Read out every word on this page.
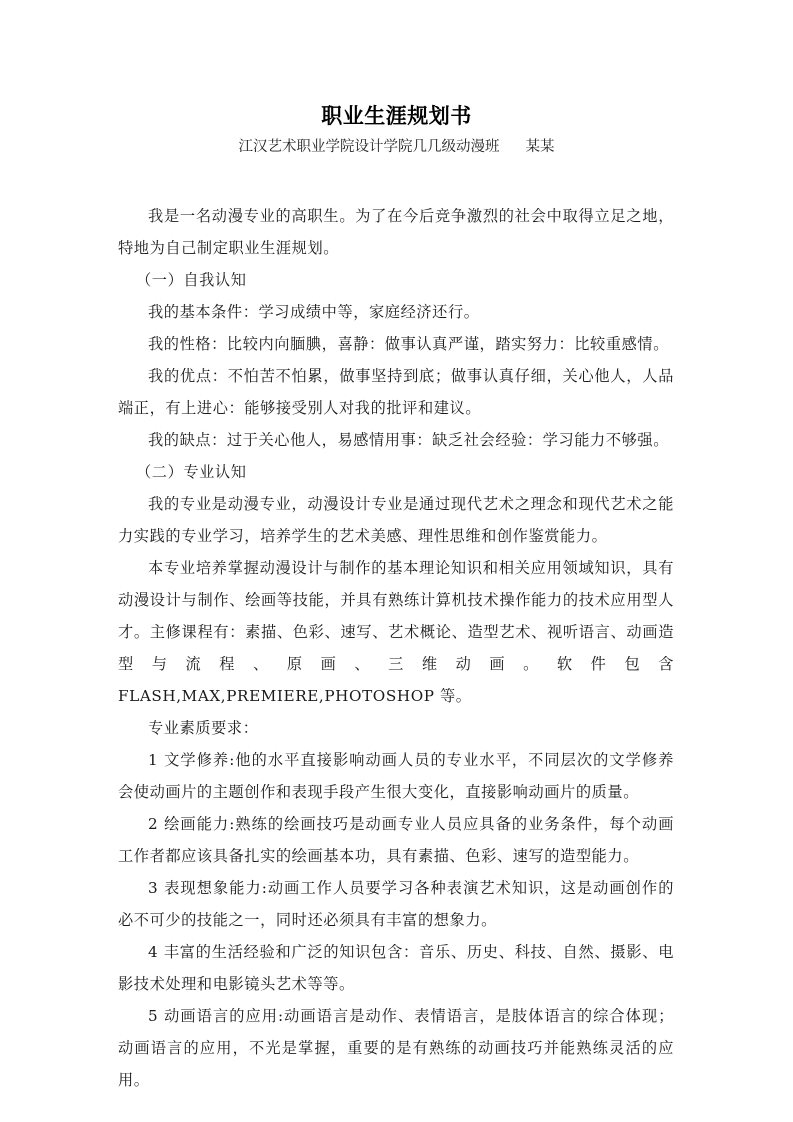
职业生涯规划书
江汉艺术职业学院设计学院几几级动漫班 某某

我是一名动漫专业的高职生。为了在今后竞争激烈的社会中取得立足之地，特地为自己制定职业生涯规划。

（一）自我认知

我的基本条件：学习成绩中等，家庭经济还行。

我的性格：比较内向腼腆，喜静：做事认真严谨，踏实努力：比较重感情。

我的优点：不怕苦不怕累，做事坚持到底；做事认真仔细，关心他人，人品端正，有上进心：能够接受别人对我的批评和建议。

我的缺点：过于关心他人，易感情用事：缺乏社会经验：学习能力不够强。

（二）专业认知

我的专业是动漫专业，动漫设计专业是通过现代艺术之理念和现代艺术之能力实践的专业学习，培养学生的艺术美感、理性思维和创作鉴赏能力。

本专业培养掌握动漫设计与制作的基本理论知识和相关应用领域知识，具有动漫设计与制作、绘画等技能，并具有熟练计算机技术操作能力的技术应用型人才。主修课程有：素描、色彩、速写、艺术概论、造型艺术、视听语言、动画造型与流程、原画、三维动画。软件包含 FLASH,MAX,PREMIERE,PHOTOSHOP 等。

专业素质要求：

1 文学修养:他的水平直接影响动画人员的专业水平，不同层次的文学修养会使动画片的主题创作和表现手段产生很大变化，直接影响动画片的质量。

2 绘画能力:熟练的绘画技巧是动画专业人员应具备的业务条件，每个动画工作者都应该具备扎实的绘画基本功，具有素描、色彩、速写的造型能力。

3 表现想象能力:动画工作人员要学习各种表演艺术知识，这是动画创作的必不可少的技能之一，同时还必须具有丰富的想象力。

4 丰富的生活经验和广泛的知识包含：音乐、历史、科技、自然、摄影、电影技术处理和电影镜头艺术等等。

5 动画语言的应用:动画语言是动作、表情语言，是肢体语言的综合体现；动画语言的应用，不光是掌握，重要的是有熟练的动画技巧并能熟练灵活的应用。
